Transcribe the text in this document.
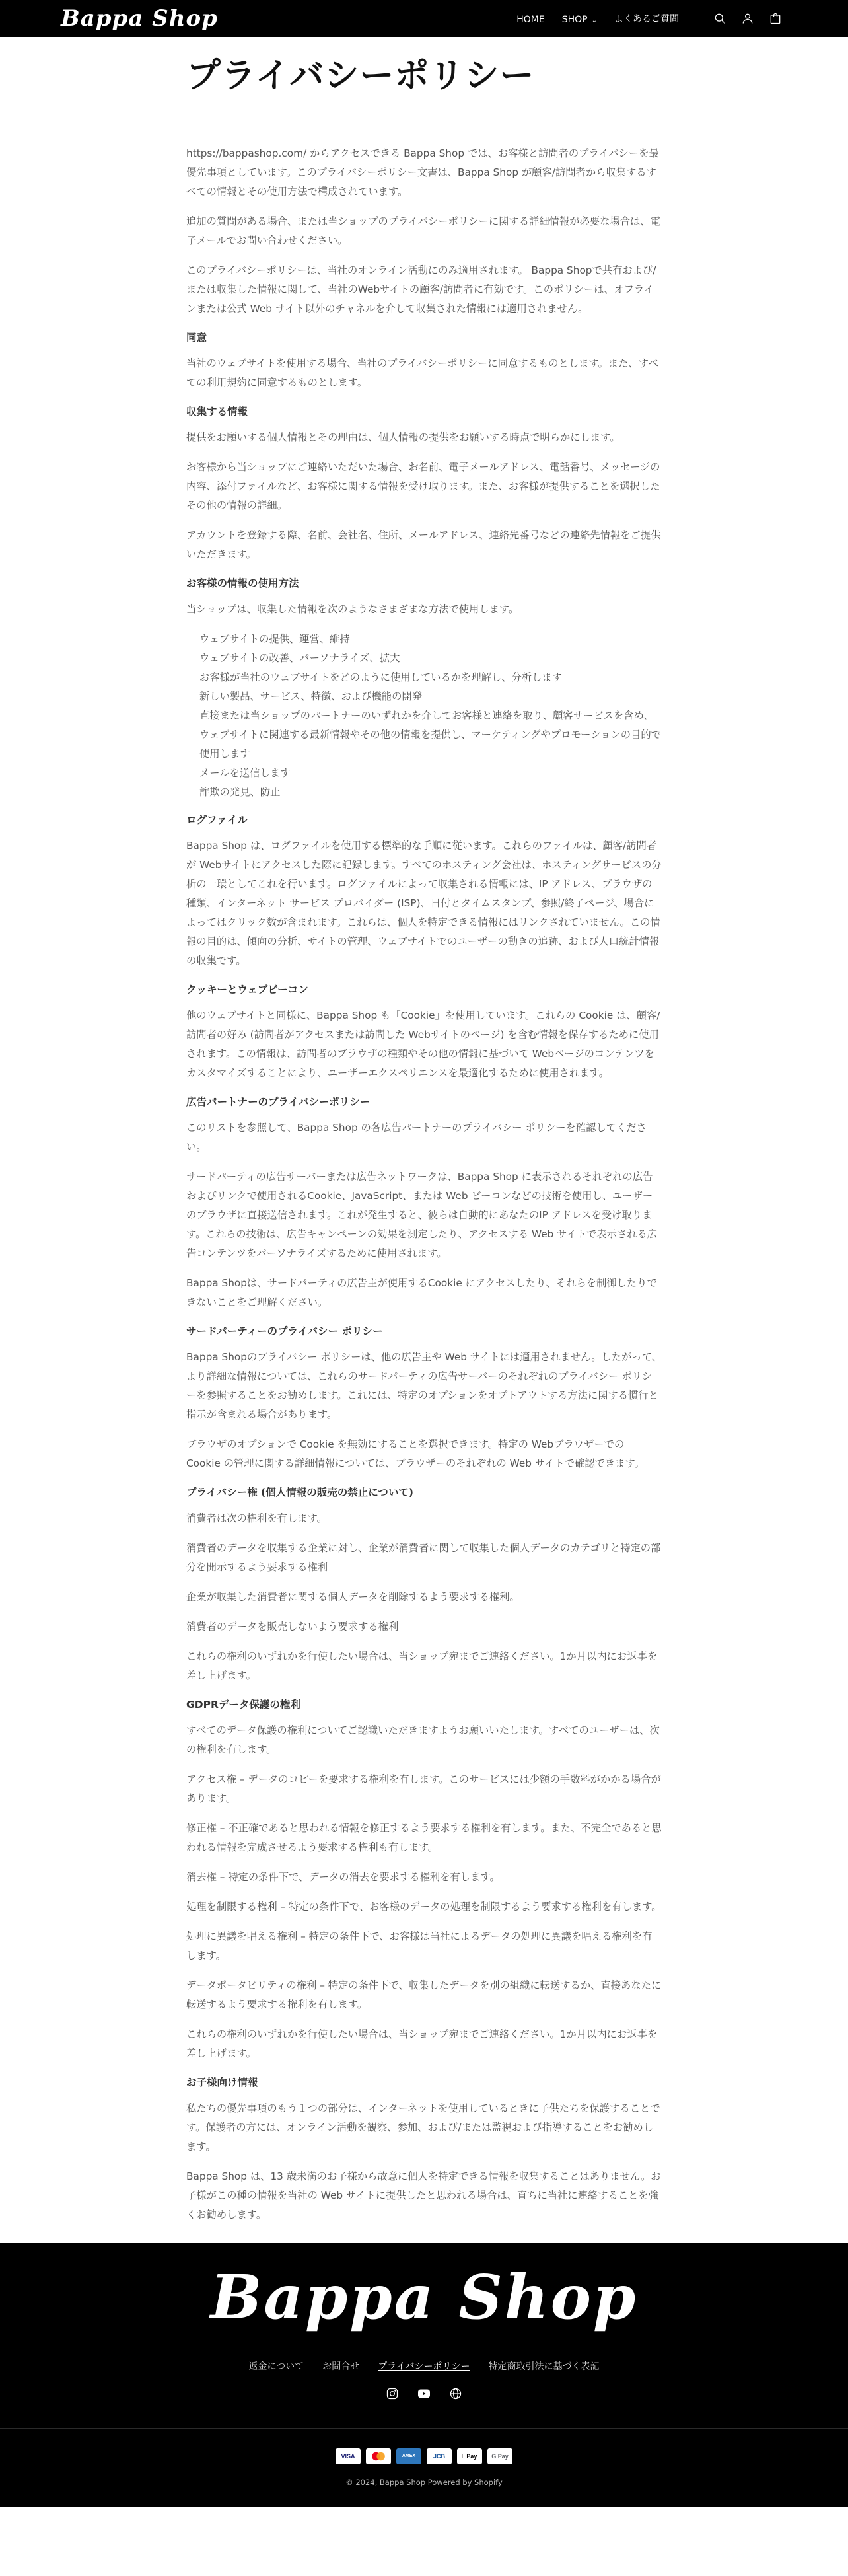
Bappa Shop	HOME SHOP ⌄ よくあるご質問
プライバシーポリシー

https://bappashop.com/ からアクセスできる Bappa Shop では、お客様と訪問者のプライバシーを最優先事項としています。このプライバシーポリシー文書は、Bappa Shop が顧客/訪問者から収集するすべての情報とその使用方法で構成されています。

追加の質問がある場合、または当ショップのプライバシーポリシーに関する詳細情報が必要な場合は、電子メールでお問い合わせください。

このプライバシーポリシーは、当社のオンライン活動にのみ適用されます。 Bappa Shopで共有および/または収集した情報に関して、当社のWebサイトの顧客/訪問者に有効です。このポリシーは、オフラインまたは公式 Web サイト以外のチャネルを介して収集された情報には適用されません。

同意

当社のウェブサイトを使用する場合、当社のプライバシーポリシーに同意するものとします。また、すべての利用規約に同意するものとします。

収集する情報

提供をお願いする個人情報とその理由は、個人情報の提供をお願いする時点で明らかにします。

お客様から当ショップにご連絡いただいた場合、お名前、電子メールアドレス、電話番号、メッセージの内容、添付ファイルなど、お客様に関する情報を受け取ります。また、お客様が提供することを選択したその他の情報の詳細。

アカウントを登録する際、名前、会社名、住所、メールアドレス、連絡先番号などの連絡先情報をご提供いただきます。

お客様の情報の使用方法

当ショップは、収集した情報を次のようなさまざまな方法で使用します。

ウェブサイトの提供、運営、維持
ウェブサイトの改善、パーソナライズ、拡大
お客様が当社のウェブサイトをどのように使用しているかを理解し、分析します
新しい製品、サービス、特徴、および機能の開発
直接または当ショップのパートナーのいずれかを介してお客様と連絡を取り、顧客サービスを含め、ウェブサイトに関連する最新情報やその他の情報を提供し、マーケティングやプロモーションの目的で使用します
メールを送信します
詐欺の発見、防止
ログファイル

Bappa Shop は、ログファイルを使用する標準的な手順に従います。これらのファイルは、顧客/訪問者が Webサイトにアクセスした際に記録します。すべてのホスティング会社は、ホスティングサービスの分析の一環としてこれを行います。ログファイルによって収集される情報には、IP アドレス、ブラウザの種類、インターネット サービス プロバイダー (ISP)、日付とタイムスタンプ、参照/終了ページ、場合によってはクリック数が含まれます。これらは、個人を特定できる情報にはリンクされていません。この情報の目的は、傾向の分析、サイトの管理、ウェブサイトでのユーザーの動きの追跡、および人口統計情報の収集です。

クッキーとウェブビーコン

他のウェブサイトと同様に、Bappa Shop も「Cookie」を使用しています。これらの Cookie は、顧客/訪問者の好み (訪問者がアクセスまたは訪問した Webサイトのページ) を含む情報を保存するために使用されます。この情報は、訪問者のブラウザの種類やその他の情報に基づいて Webページのコンテンツをカスタマイズすることにより、ユーザーエクスペリエンスを最適化するために使用されます。

広告パートナーのプライバシーポリシー

このリストを参照して、Bappa Shop の各広告パートナーのプライバシー ポリシーを確認してください。

サードパーティの広告サーバーまたは広告ネットワークは、Bappa Shop に表示されるそれぞれの広告およびリンクで使用されるCookie、JavaScript、または Web ビーコンなどの技術を使用し、ユーザーのブラウザに直接送信されます。これが発生すると、彼らは自動的にあなたのIP アドレスを受け取ります。これらの技術は、広告キャンペーンの効果を測定したり、アクセスする Web サイトで表示される広告コンテンツをパーソナライズするために使用されます。

Bappa Shopは、サードパーティの広告主が使用するCookie にアクセスしたり、それらを制御したりできないことをご理解ください。

サードパーティーのプライバシー ポリシー

Bappa Shopのプライバシー ポリシーは、他の広告主や Web サイトには適用されません。したがって、より詳細な情報については、これらのサードパーティの広告サーバーのそれぞれのプライバシー ポリシーを参照することをお勧めします。これには、特定のオプションをオプトアウトする方法に関する慣行と指示が含まれる場合があります。

ブラウザのオプションで Cookie を無効にすることを選択できます。特定の Webブラウザーでの Cookie の管理に関する詳細情報については、ブラウザーのそれぞれの Web サイトで確認できます。

プライバシー権 (個人情報の販売の禁止について)

消費者は次の権利を有します。

消費者のデータを収集する企業に対し、企業が消費者に関して収集した個人データのカテゴリと特定の部分を開示するよう要求する権利

企業が収集した消費者に関する個人データを削除するよう要求する権利。

消費者のデータを販売しないよう要求する権利

これらの権利のいずれかを行使したい場合は、当ショップ宛までご連絡ください。1か月以内にお返事を差し上げます。

GDPRデータ保護の権利

すべてのデータ保護の権利についてご認識いただきますようお願いいたします。すべてのユーザーは、次の権利を有します。

アクセス権 – データのコピーを要求する権利を有します。このサービスには少額の手数料がかかる場合があります。

修正権 – 不正確であると思われる情報を修正するよう要求する権利を有します。また、不完全であると思われる情報を完成させるよう要求する権利も有します。

消去権 – 特定の条件下で、データの消去を要求する権利を有します。

処理を制限する権利 – 特定の条件下で、お客様のデータの処理を制限するよう要求する権利を有します。

処理に異議を唱える権利 – 特定の条件下で、お客様は当社によるデータの処理に異議を唱える権利を有します。

データポータビリティの権利 – 特定の条件下で、収集したデータを別の組織に転送するか、直接あなたに転送するよう要求する権利を有します。

これらの権利のいずれかを行使したい場合は、当ショップ宛までご連絡ください。1か月以内にお返事を差し上げます。

お子様向け情報

私たちの優先事項のもう１つの部分は、インターネットを使用しているときに子供たちを保護することです。保護者の方には、オンライン活動を観察、参加、および/または監視および指導することをお勧めします。

Bappa Shop は、13 歳未満のお子様から故意に個人を特定できる情報を収集することはありません。お子様がこの種の情報を当社の Web サイトに提供したと思われる場合は、直ちに当社に連絡することを強くお勧めします。

Bappa Shop
返金について お問合せ プライバシーポリシー 特定商取引法に基づく表記
VISA	AMEX	JCB	Pay	G Pay
© 2024, Bappa Shop Powered by Shopify
